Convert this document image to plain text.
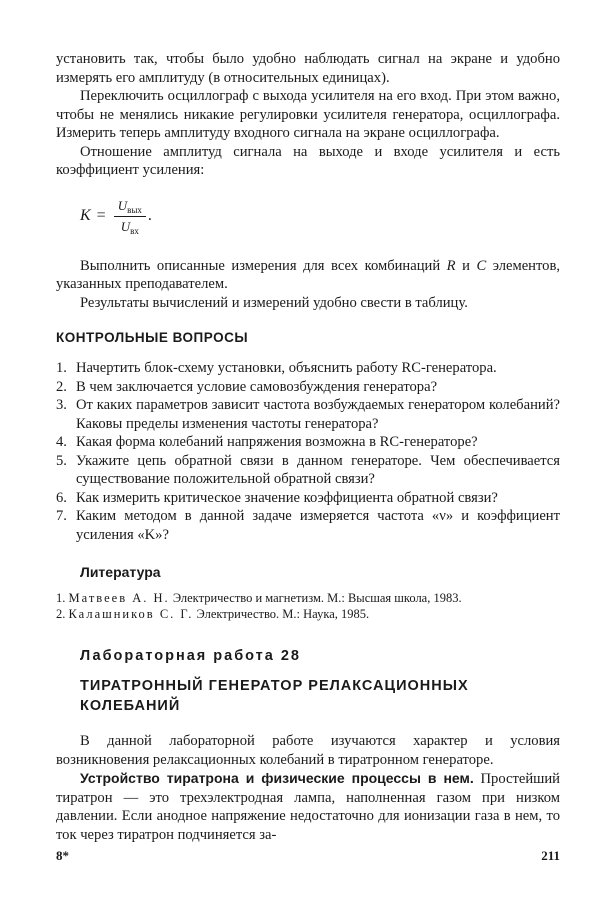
установить так, чтобы было удобно наблюдать сигнал на экране и удобно измерять его амплитуду (в относительных единицах).

Переключить осциллограф с выхода усилителя на его вход. При этом важно, чтобы не менялись никакие регулировки усилителя генератора, осциллографа. Измерить теперь амплитуду входного сигнала на экране осциллографа.

Отношение амплитуд сигнала на выходе и входе усилителя и есть коэффициент усиления:

$K = \frac{U_{вых}}{U_{вх}}$ .

Выполнить описанные измерения для всех комбинаций R и C элементов, указанных преподавателем.

Результаты вычислений и измерений удобно свести в таблицу.

КОНТРОЛЬНЫЕ ВОПРОСЫ
1. Начертить блок-схему установки, объяснить работу RC-генератора.
2. В чем заключается условие самовозбуждения генератора?
3. От каких параметров зависит частота возбуждаемых генератором колебаний? Каковы пределы изменения частоты генератора?
4. Какая форма колебаний напряжения возможна в RC-генераторе?
5. Укажите цепь обратной связи в данном генераторе. Чем обеспечивается существование положительной обратной связи?
6. Как измерить критическое значение коэффициента обратной связи?
7. Каким методом в данной задаче измеряется частота «ν» и коэффициент усиления «K»?
Литература
1. Матвеев А. Н. Электричество и магнетизм. М.: Высшая школа, 1983.
2. Калашников С. Г. Электричество. М.: Наука, 1985.
Лабораторная работа 28
ТИРАТРОННЫЙ ГЕНЕРАТОР РЕЛАКСАЦИОННЫХ КОЛЕБАНИЙ

В данной лабораторной работе изучаются характер и условия возникновения релаксационных колебаний в тиратронном генераторе.

Устройство тиратрона и физические процессы в нем. Простейший тиратрон — это трехэлектродная лампа, наполненная газом при низком давлении. Если анодное напряжение недостаточно для ионизации газа в нем, то ток через тиратрон подчиняется за-

8*	211
